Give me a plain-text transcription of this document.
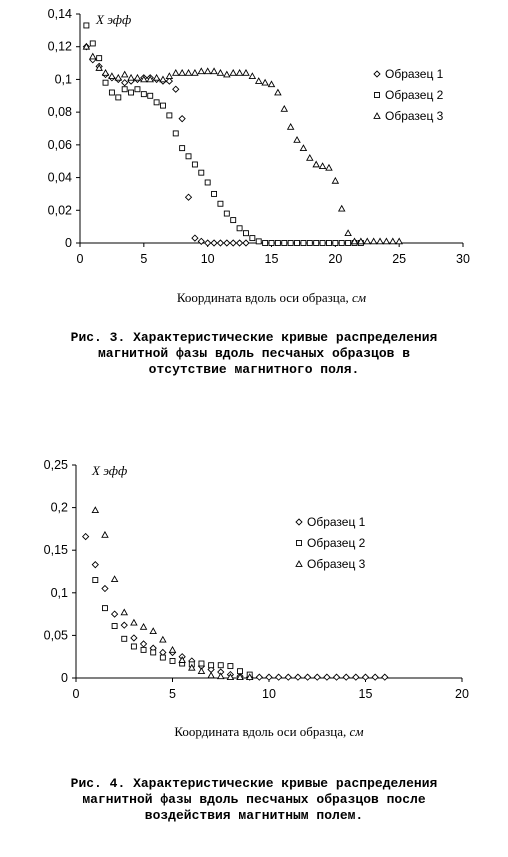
0
0,02
0,04
0,06
0,08
0,1
0,12
0,14
0	5	10	15	20	25	30
X эфф
Координата вдоль оси образца, см
Образец 1
Образец 2
Образец 3
Рис. 3. Характеристические кривые распределения
магнитной фазы вдоль песчаных образцов в
отсутствие магнитного поля.
0
0,05
0,1
0,15
0,2
0,25
0	5	10	15	20
X эфф
Координата вдоль оси образца, см
Образец 1
Образец 2
Образец 3
Рис. 4. Характеристические кривые распределения
магнитной фазы вдоль песчаных образцов после
воздействия магнитным полем.
